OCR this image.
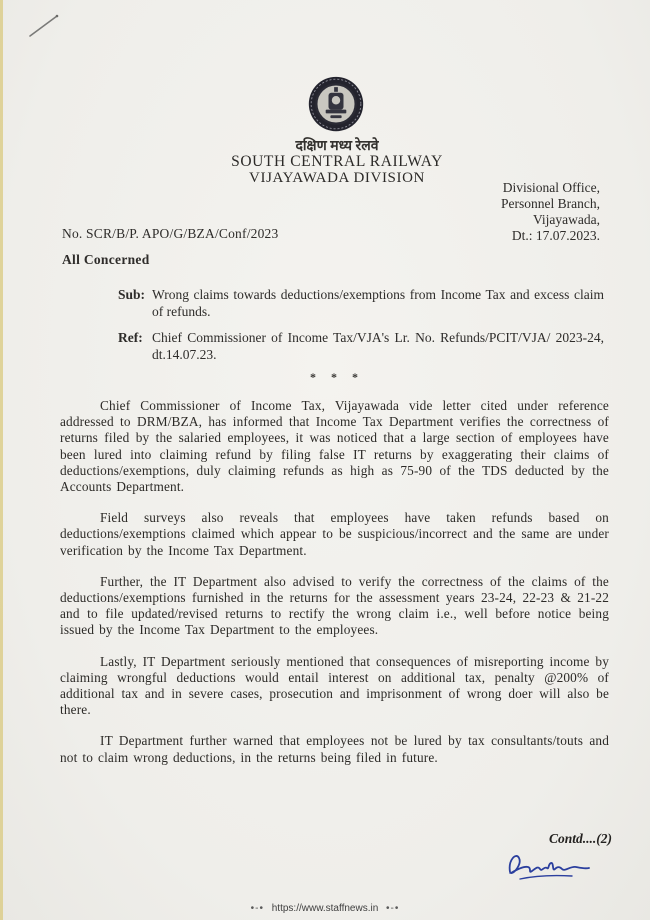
दक्षिण मध्य रेलवे
SOUTH CENTRAL RAILWAY
VIJAYAWADA DIVISION
Divisional Office,
Personnel Branch,
Vijayawada,
Dt.: 17.07.2023.
No. SCR/B/P. APO/G/BZA/Conf/2023
All Concerned
Sub: Wrong claims towards deductions/exemptions from Income Tax and excess claim of refunds.
Ref: Chief Commissioner of Income Tax/VJA's Lr. No. Refunds/PCIT/VJA/ 2023-24, dt.14.07.23.
* * *

Chief Commissioner of Income Tax, Vijayawada vide letter cited under reference addressed to DRM/BZA, has informed that Income Tax Department verifies the correctness of returns filed by the salaried employees, it was noticed that a large section of employees have been lured into claiming refund by filing false IT returns by exaggerating their claims of deductions/exemptions, duly claiming refunds as high as 75-90 of the TDS deducted by the Accounts Department.

Field surveys also reveals that employees have taken refunds based on deductions/exemptions claimed which appear to be suspicious/incorrect and the same are under verification by the Income Tax Department.

Further, the IT Department also advised to verify the correctness of the claims of the deductions/exemptions furnished in the returns for the assessment years 23-24, 22-23 & 21-22 and to file updated/revised returns to rectify the wrong claim i.e., well before notice being issued by the Income Tax Department to the employees.

Lastly, IT Department seriously mentioned that consequences of misreporting income by claiming wrongful deductions would entail interest on additional tax, penalty @200% of additional tax and in severe cases, prosecution and imprisonment of wrong doer will also be there.

IT Department further warned that employees not be lured by tax consultants/touts and not to claim wrong deductions, in the returns being filed in future.

Contd....(2)
•-• https://www.staffnews.in •-•
